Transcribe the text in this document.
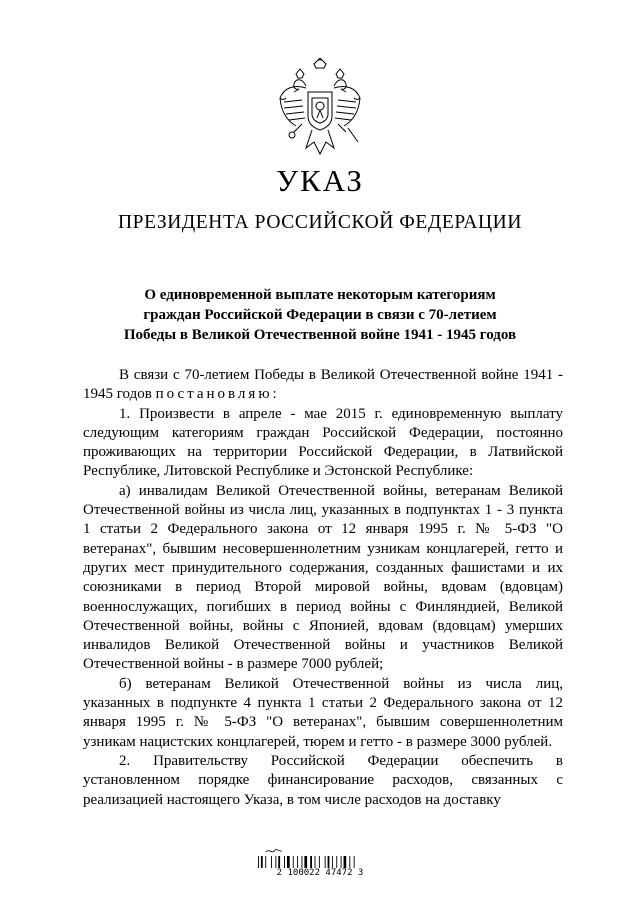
УКАЗ
ПРЕЗИДЕНТА РОССИЙСКОЙ ФЕДЕРАЦИИ
О единовременной выплате некоторым категориям
граждан Российской Федерации в связи с 70-летием
Победы в Великой Отечественной войне 1941 - 1945 годов

В связи с 70-летием Победы в Великой Отечественной войне 1941 - 1945 годов постановляю:

1. Произвести в апреле - мае 2015 г. единовременную выплату следующим категориям граждан Российской Федерации, постоянно проживающих на территории Российской Федерации, в Латвийской Республике, Литовской Республике и Эстонской Республике:

а) инвалидам Великой Отечественной войны, ветеранам Великой Отечественной войны из числа лиц, указанных в подпунктах 1 - 3 пункта 1 статьи 2 Федерального закона от 12 января 1995 г. № 5-ФЗ "О ветеранах", бывшим несовершеннолетним узникам концлагерей, гетто и других мест принудительного содержания, созданных фашистами и их союзниками в период Второй мировой войны, вдовам (вдовцам) военнослужащих, погибших в период войны с Финляндией, Великой Отечественной войны, войны с Японией, вдовам (вдовцам) умерших инвалидов Великой Отечественной войны и участников Великой Отечественной войны - в размере 7000 рублей;

б) ветеранам Великой Отечественной войны из числа лиц, указанных в подпункте 4 пункта 1 статьи 2 Федерального закона от 12 января 1995 г. № 5-ФЗ "О ветеранах", бывшим совершеннолетним узникам нацистских концлагерей, тюрем и гетто - в размере 3000 рублей.

2. Правительству Российской Федерации обеспечить в установленном порядке финансирование расходов, связанных с реализацией настоящего Указа, в том числе расходов на доставку

2 100022 47472 3
